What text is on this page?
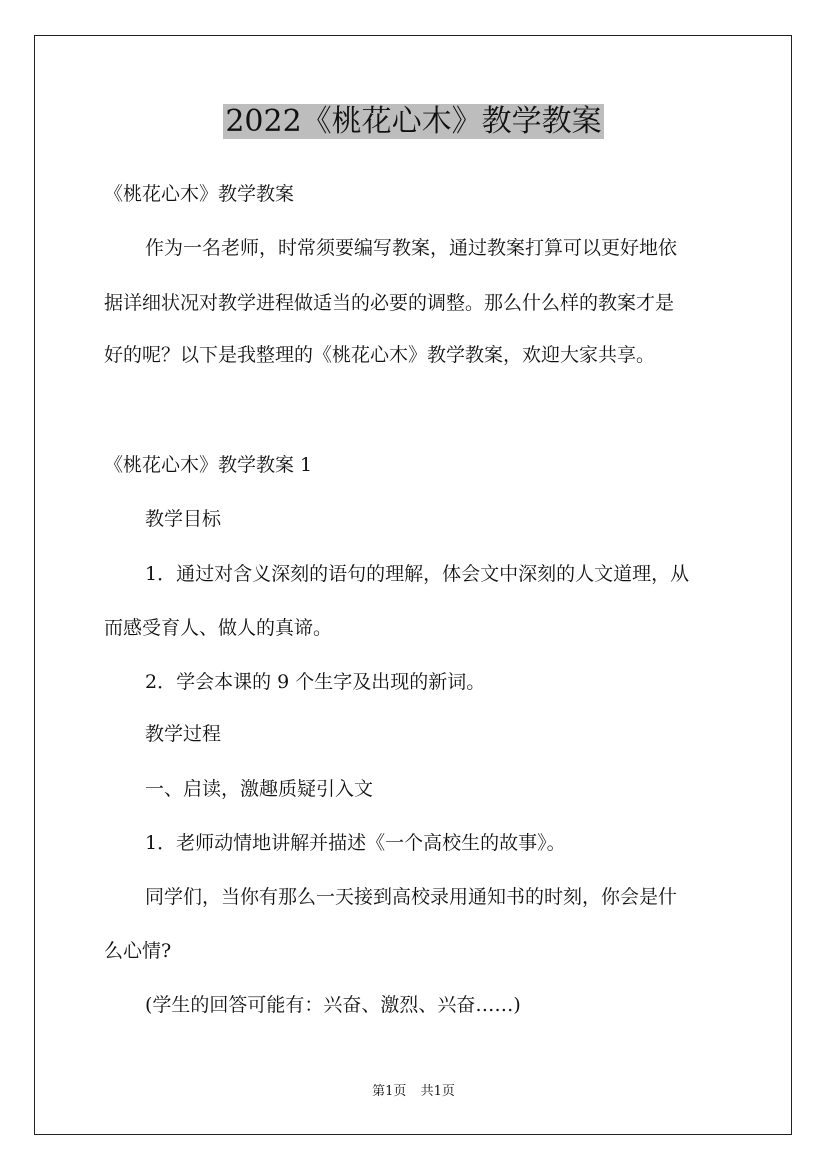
2022《桃花心木》教学教案
《桃花心木》教学教案
作为一名老师，时常须要编写教案，通过教案打算可以更好地依
据详细状况对教学进程做适当的必要的调整。那么什么样的教案才是
好的呢？以下是我整理的《桃花心木》教学教案，欢迎大家共享。
《桃花心木》教学教案 1
教学目标
1．通过对含义深刻的语句的理解，体会文中深刻的人文道理，从
而感受育人、做人的真谛。
2．学会本课的 9 个生字及出现的新词。
教学过程
一、启读，激趣质疑引入文
1．老师动情地讲解并描述《一个高校生的故事》。
同学们，当你有那么一天接到高校录用通知书的时刻，你会是什
么心情?
(学生的回答可能有：兴奋、激烈、兴奋……)
第1页 共1页
